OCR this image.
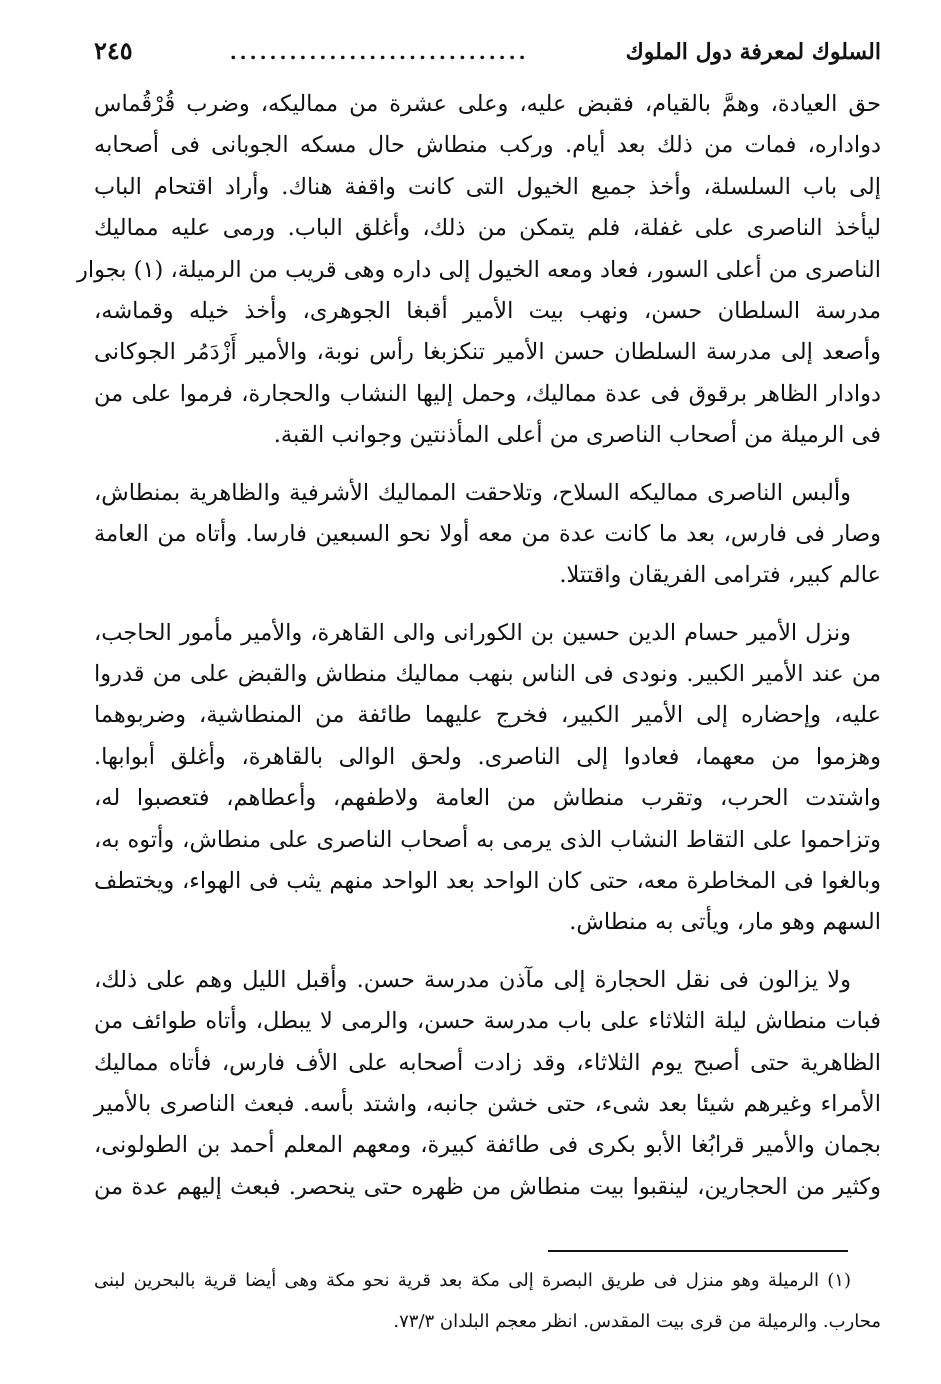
السلوك لمعرفة دول الملوك
..............................
٢٤٥
حق العيادة، وهمَّ بالقيام، فقبض عليه، وعلى عشرة من مماليكه، وضرب قُرْقُماس
دواداره، فمات من ذلك بعد أيام. وركب منطاش حال مسكه الجوبانى فى أصحابه
إلى باب السلسلة، وأخذ جميع الخيول التى كانت واقفة هناك. وأراد اقتحام الباب
ليأخذ الناصرى على غفلة، فلم يتمكن من ذلك، وأغلق الباب. ورمى عليه مماليك
الناصرى من أعلى السور، فعاد ومعه الخيول إلى داره وهى قريب من الرميلة، (١) بجوار
مدرسة السلطان حسن، ونهب بيت الأمير أقبغا الجوهرى، وأخذ خيله وقماشه،
وأصعد إلى مدرسة السلطان حسن الأمير تنكزبغا رأس نوبة، والأمير أَزْدَمُر الجوكانى
دوادار الظاهر برقوق فى عدة مماليك، وحمل إليها النشاب والحجارة، فرموا على من
فى الرميلة من أصحاب الناصرى من أعلى المأذنتين وجوانب القبة.
وألبس الناصرى مماليكه السلاح، وتلاحقت المماليك الأشرفية والظاهرية بمنطاش،
وصار فى فارس، بعد ما كانت عدة من معه أولا نحو السبعين فارسا. وأتاه من العامة
عالم كبير، فترامى الفريقان واقتتلا.
ونزل الأمير حسام الدين حسين بن الكورانى والى القاهرة، والأمير مأمور الحاجب،
من عند الأمير الكبير. ونودى فى الناس بنهب مماليك منطاش والقبض على من قدروا
عليه، وإحضاره إلى الأمير الكبير، فخرج عليهما طائفة من المنطاشية، وضربوهما
وهزموا من معهما، فعادوا إلى الناصرى. ولحق الوالى بالقاهرة، وأغلق أبوابها.
واشتدت الحرب، وتقرب منطاش من العامة ولاطفهم، وأعطاهم، فتعصبوا له،
وتزاحموا على التقاط النشاب الذى يرمى به أصحاب الناصرى على منطاش، وأتوه به،
وبالغوا فى المخاطرة معه، حتى كان الواحد بعد الواحد منهم يثب فى الهواء، ويختطف
السهم وهو مار، ويأتى به منطاش.
ولا يزالون فى نقل الحجارة إلى مآذن مدرسة حسن. وأقبل الليل وهم على ذلك،
فبات منطاش ليلة الثلاثاء على باب مدرسة حسن، والرمى لا يبطل، وأتاه طوائف من
الظاهرية حتى أصبح يوم الثلاثاء، وقد زادت أصحابه على الأف فارس، فأتاه مماليك
الأمراء وغيرهم شيئا بعد شىء، حتى خشن جانبه، واشتد بأسه. فبعث الناصرى بالأمير
بجمان والأمير قرابُغا الأبو بكرى فى طائفة كبيرة، ومعهم المعلم أحمد بن الطولونى،
وكثير من الحجارين، لينقبوا بيت منطاش من ظهره حتى ينحصر. فبعث إليهم عدة من
(١) الرميلة وهو منزل فى طريق البصرة إلى مكة بعد قرية نحو مكة وهى أيضا قرية بالبحرين لبنى
محارب. والرميلة من قرى بيت المقدس. انظر معجم البلدان ٧٣/٣.
